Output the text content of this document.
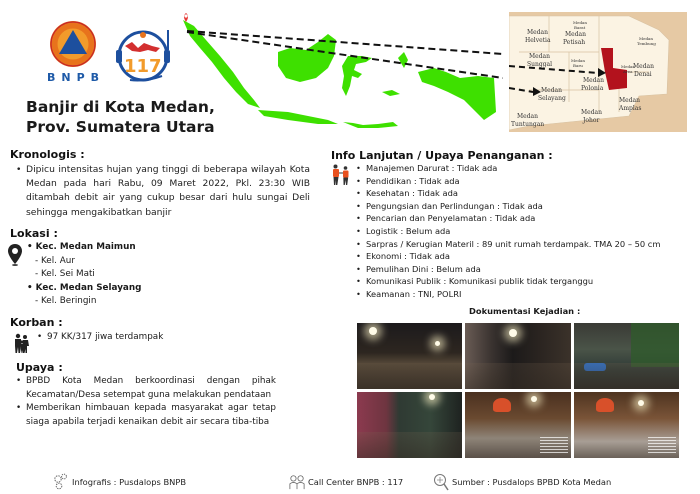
BNPB
117
Banjir di Kota Medan,
Prov. Sumatera Utara
Medan
Helvetia
Medan
Petisah
Medan
Barat
Medan
Sunggal
Medan
Baru
Medan
Tembung
Medan
Area
Medan
Denai
Medan
Polonia
Medan
Selayang	Medan
Amplas
Medan
Johor
Medan
Tuntungan
Kronologis :
• Dipicu intensitas hujan yang tinggi di beberapa wilayah Kota Medan pada hari Rabu, 09 Maret 2022, Pkl. 23:30 WIB ditambah debit air yang cukup besar dari hulu sungai Deli sehingga mengakibatkan banjir
Lokasi :
• Kec. Medan Maimun
- Kel. Aur
- Kel. Sei Mati
• Kec. Medan Selayang
- Kel. Beringin
Korban :
• 97 KK/317 jiwa terdampak
Upaya :
• BPBD Kota Medan berkoordinasi dengan pihak Kecamatan/Desa setempat guna melakukan pendataan
• Memberikan himbauan kepada masyarakat agar tetap siaga apabila terjadi kenaikan debit air secara tiba-tiba
Info Lanjutan / Upaya Penanganan :
• Manajemen Darurat : Tidak ada
• Pendidikan : Tidak ada
• Kesehatan : Tidak ada
• Pengungsian dan Perlindungan : Tidak ada
• Pencarian dan Penyelamatan : Tidak ada
• Logistik : Belum ada
• Sarpras / Kerugian Materil : 89 unit rumah terdampak. TMA 20 – 50 cm
• Ekonomi : Tidak ada
• Pemulihan Dini : Belum ada
• Komunikasi Publik : Komunikasi publik tidak terganggu
• Keamanan : TNI, POLRI
Dokumentasi Kejadian :
Infografis : Pusdalops BNPB	Call Center BNPB : 117	Sumber : Pusdalops BPBD Kota Medan
